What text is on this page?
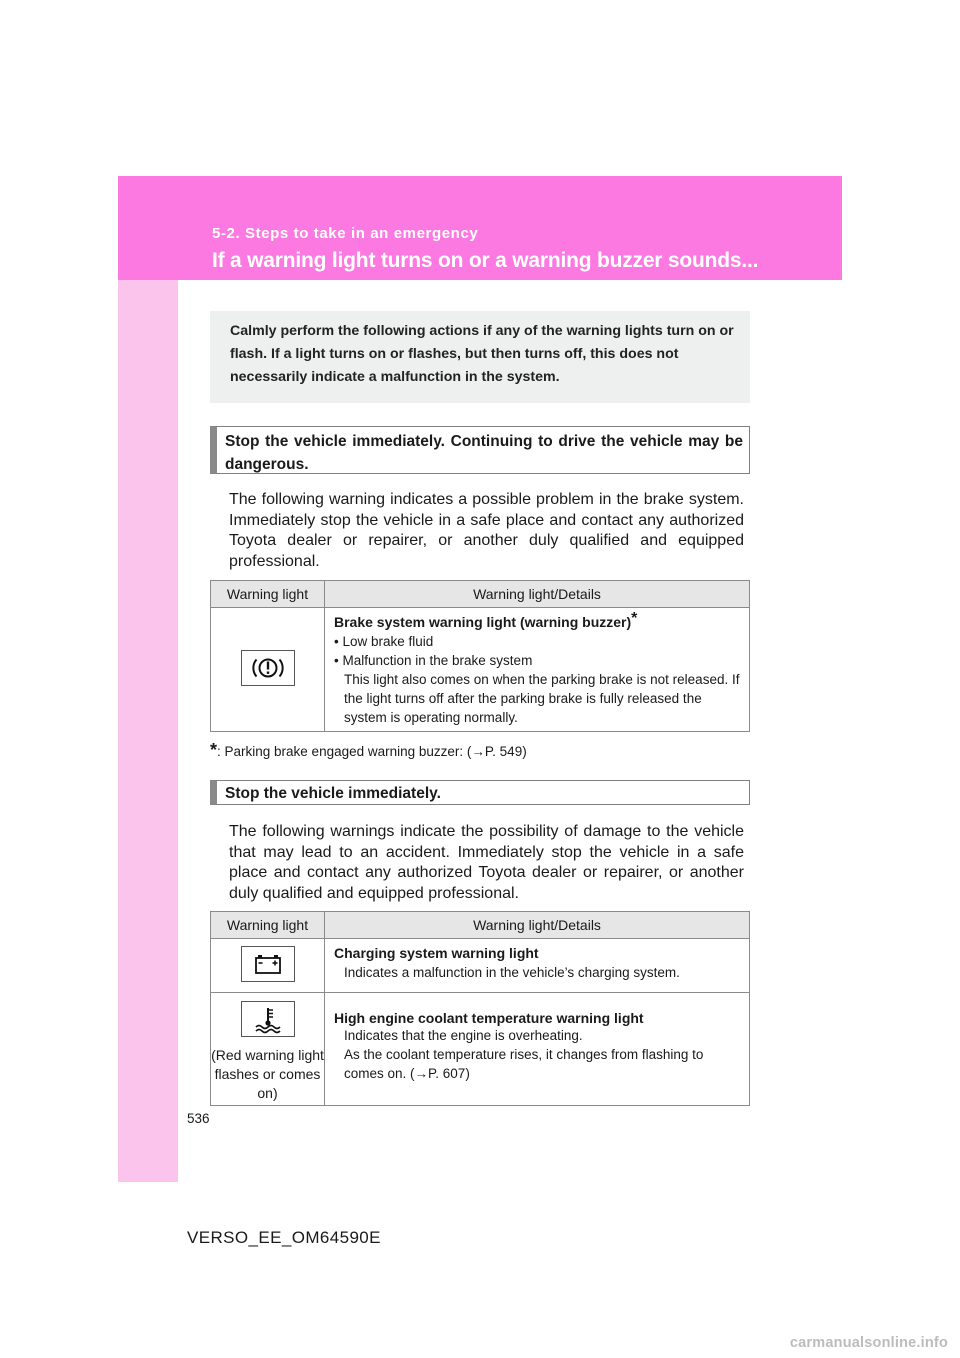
5-2. Steps to take in an emergency
If a warning light turns on or a warning buzzer sounds...
Calmly perform the following actions if any of the warning lights turn on or flash. If a light turns on or flashes, but then turns off, this does not necessarily indicate a malfunction in the system.
Stop the vehicle immediately. Continuing to drive the vehicle may be dangerous.

The following warning indicates a possible problem in the brake system. Immediately stop the vehicle in a safe place and contact any authorized Toyota dealer or repairer, or another duly qualified and equipped professional.

Warning light	Warning light/Details

Brake system warning light (warning buzzer)*
• Low brake fluid
• Malfunction in the brake system
This light also comes on when the parking brake is not released. If the light turns off after the parking brake is fully released the system is operating normally.
*: Parking brake engaged warning buzzer: (→P. 549)
Stop the vehicle immediately.

The following warnings indicate the possibility of damage to the vehicle that may lead to an accident. Immediately stop the vehicle in a safe place and contact any authorized Toyota dealer or repairer, or another duly qualified and equipped professional.

Warning light	Warning light/Details

Charging system warning light
Indicates a malfunction in the vehicle’s charging system.

(Red warning light flashes or comes on)	High engine coolant temperature warning light
Indicates that the engine is overheating.
As the coolant temperature rises, it changes from flashing to comes on. (→P. 607)
536
VERSO_EE_OM64590E
carmanualsonline.info
